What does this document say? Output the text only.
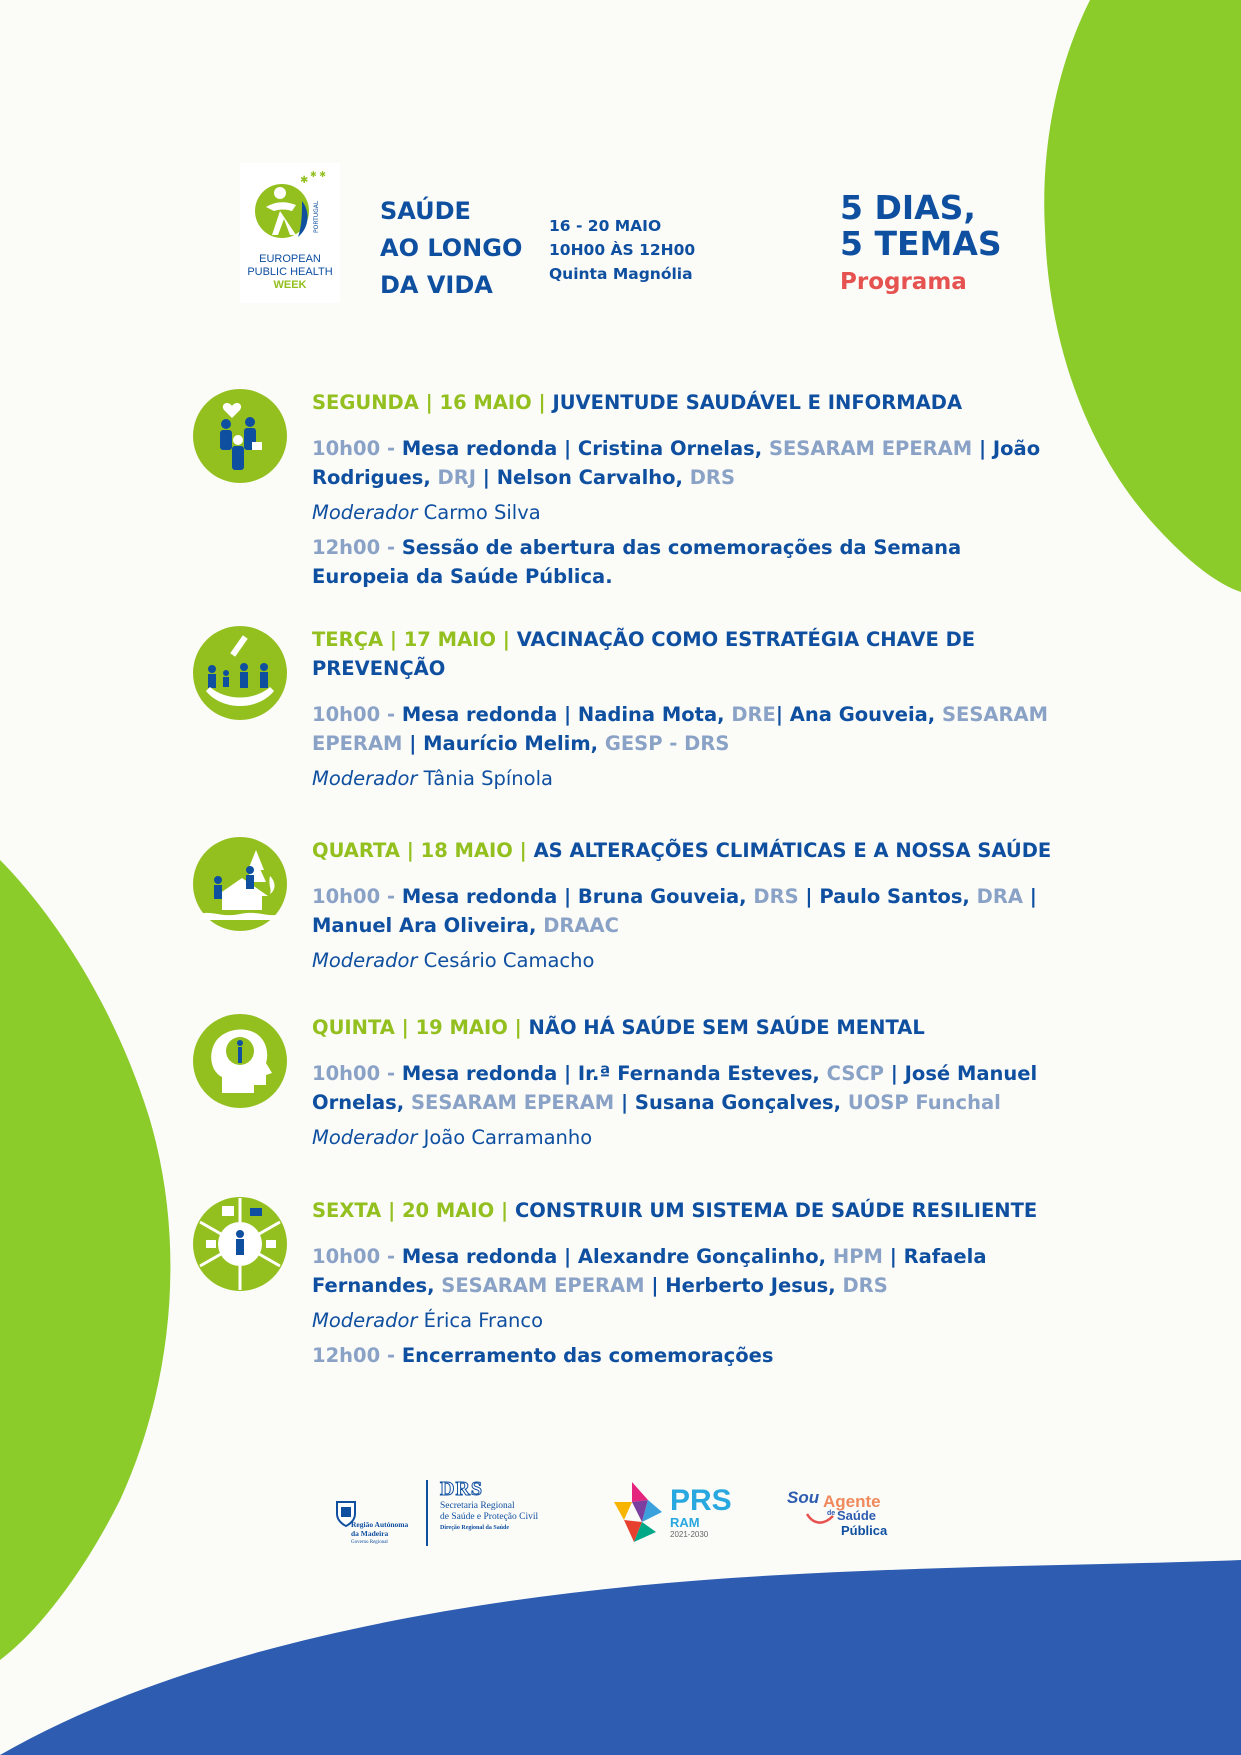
✱
✱ ✱
PORTUGAL
EUROPEAN
PUBLIC HEALTH
WEEK
SAÚDE
AO LONGO
DA VIDA
16 - 20 MAIO
10H00 ÀS 12H00
Quinta Magnólia
5 DIAS,
5 TEMAS
Programa

SEGUNDA | 16 MAIO | JUVENTUDE SAUDÁVEL E INFORMADA

10h00 - Mesa redonda | Cristina Ornelas, SESARAM EPERAM | João Rodrigues, DRJ | Nelson Carvalho, DRS

Moderador Carmo Silva

12h00 - Sessão de abertura das comemorações da Semana Europeia da Saúde Pública.

TERÇA | 17 MAIO | VACINAÇÃO COMO ESTRATÉGIA CHAVE DE PREVENÇÃO

10h00 - Mesa redonda | Nadina Mota, DRE| Ana Gouveia, SESARAM EPERAM | Maurício Melim, GESP - DRS

Moderador Tânia Spínola

QUARTA | 18 MAIO | AS ALTERAÇÕES CLIMÁTICAS E A NOSSA SAÚDE

10h00 - Mesa redonda | Bruna Gouveia, DRS | Paulo Santos, DRA | Manuel Ara Oliveira, DRAAC

Moderador Cesário Camacho

QUINTA | 19 MAIO | NÃO HÁ SAÚDE SEM SAÚDE MENTAL

10h00 - Mesa redonda | Ir.ª Fernanda Esteves, CSCP | José Manuel Ornelas, SESARAM EPERAM | Susana Gonçalves, UOSP Funchal

Moderador João Carramanho

SEXTA | 20 MAIO | CONSTRUIR UM SISTEMA DE SAÚDE RESILIENTE

10h00 - Mesa redonda | Alexandre Gonçalinho, HPM | Rafaela Fernandes, SESARAM EPERAM | Herberto Jesus, DRS

Moderador Érica Franco

12h00 - Encerramento das comemorações

Região Autónoma
da Madeira
Governo Regional
DRS
Secretaria Regional
de Saúde e Proteção Civil
Direção Regional da Saúde
PRS
RAM
2021-2030
Sou Agente
de Saúde
Pública
